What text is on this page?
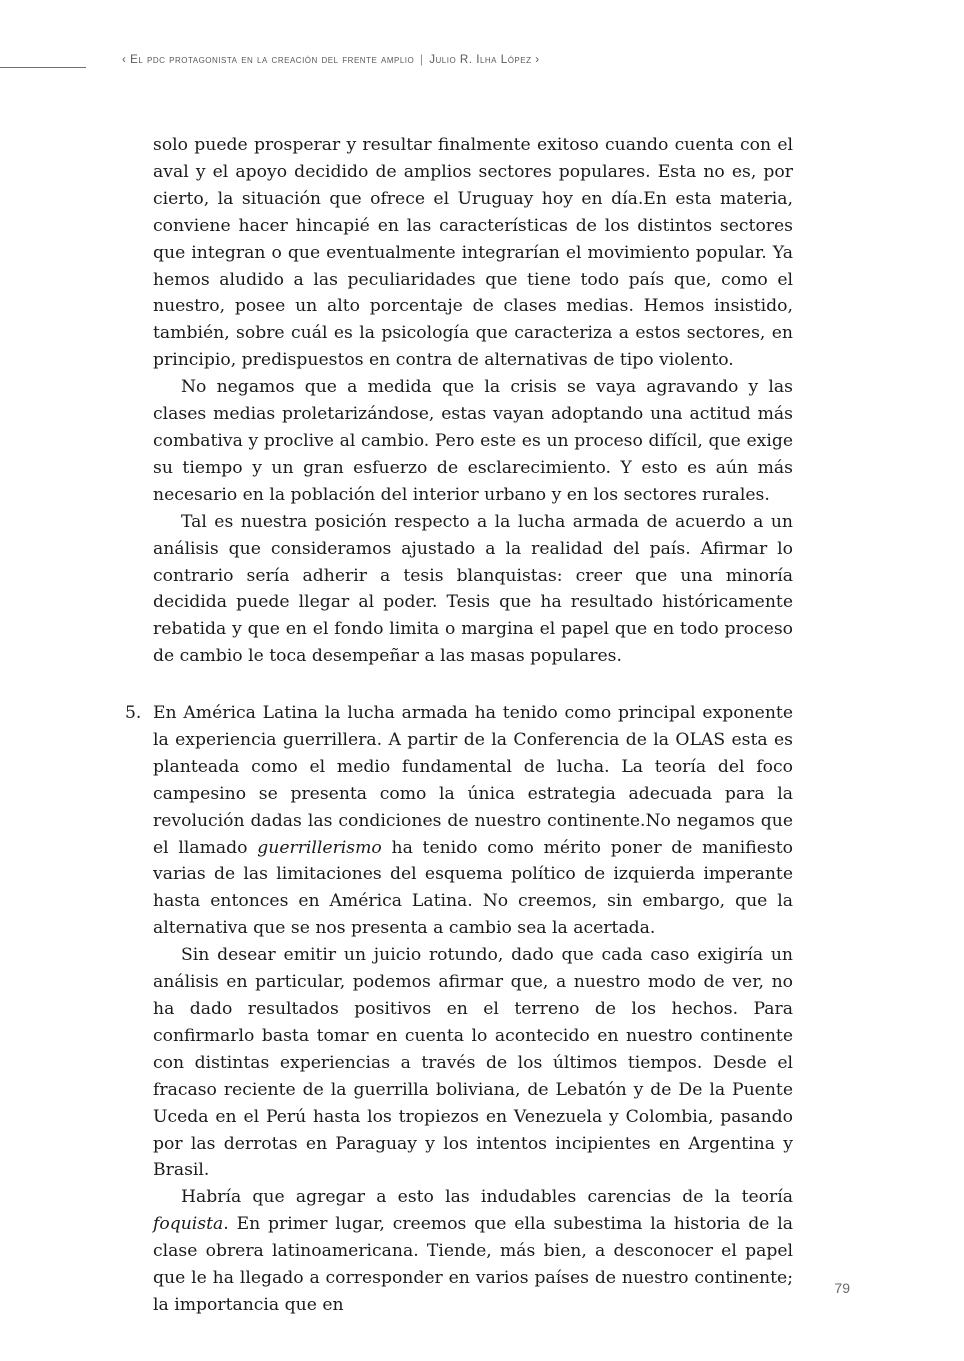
‹ El pdc protagonista en la creación del frente amplio | Julio R. Ilha López ›

solo puede prosperar y resultar finalmente exitoso cuando cuenta con el aval y el apoyo decidido de amplios sectores populares. Esta no es, por cierto, la situación que ofrece el Uruguay hoy en día.En esta materia, conviene hacer hincapié en las características de los distintos sectores que integran o que eventualmente integrarían el movimiento popular. Ya hemos aludido a las peculiaridades que tiene todo país que, como el nuestro, posee un alto porcentaje de clases medias. Hemos insistido, también, sobre cuál es la psicología que caracteriza a estos sectores, en principio, predispuestos en contra de alternativas de tipo violento.

No negamos que a medida que la crisis se vaya agravando y las clases medias proletarizándose, estas vayan adoptando una actitud más combativa y proclive al cambio. Pero este es un proceso difícil, que exige su tiempo y un gran esfuerzo de esclarecimiento. Y esto es aún más necesario en la población del interior urbano y en los sectores rurales.

Tal es nuestra posición respecto a la lucha armada de acuerdo a un análisis que consideramos ajustado a la realidad del país. Afirmar lo contrario sería adherir a tesis blanquistas: creer que una minoría decidida puede llegar al poder. Tesis que ha resultado históricamente rebatida y que en el fondo limita o margina el papel que en todo proceso de cambio le toca desempeñar a las masas populares.

5. En América Latina la lucha armada ha tenido como principal exponente la experiencia guerrillera. A partir de la Conferencia de la OLAS esta es planteada como el medio fundamental de lucha. La teoría del foco campesino se presenta como la única estrategia adecuada para la revolución dadas las condiciones de nuestro continente.No negamos que el llamado guerrillerismo ha tenido como mérito poner de manifiesto varias de las limitaciones del esquema político de izquierda imperante hasta entonces en América Latina. No creemos, sin embargo, que la alternativa que se nos presenta a cambio sea la acertada.

Sin desear emitir un juicio rotundo, dado que cada caso exigiría un análisis en particular, podemos afirmar que, a nuestro modo de ver, no ha dado resultados positivos en el terreno de los hechos. Para confirmarlo basta tomar en cuenta lo acontecido en nuestro continente con distintas experiencias a través de los últimos tiempos. Desde el fracaso reciente de la guerrilla boliviana, de Lebatón y de De la Puente Uceda en el Perú hasta los tropiezos en Venezuela y Colombia, pasando por las derrotas en Paraguay y los intentos incipientes en Argentina y Brasil.

Habría que agregar a esto las indudables carencias de la teoría foquista. En primer lugar, creemos que ella subestima la historia de la clase obrera latinoamericana. Tiende, más bien, a desconocer el papel que le ha llegado a corresponder en varios países de nuestro continente; la importancia que en

79
